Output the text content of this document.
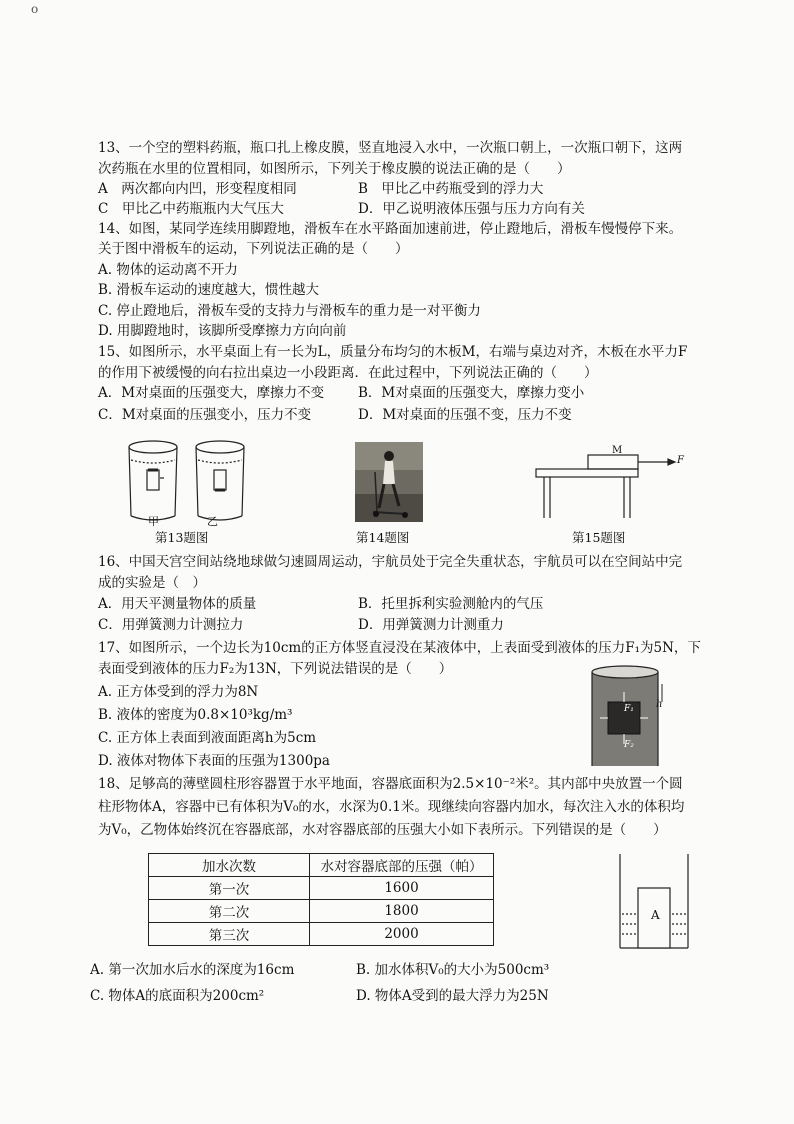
o
13、一个空的塑料药瓶，瓶口扎上橡皮膜，竖直地浸入水中，一次瓶口朝上，一次瓶口朝下，这两
次药瓶在水里的位置相同，如图所示，下列关于橡皮膜的说法正确的是（　　）
A　两次都向内凹，形变程度相同	B　甲比乙中药瓶受到的浮力大
C　甲比乙中药瓶瓶内大气压大	D．甲乙说明液体压强与压力方向有关
14、如图，某同学连续用脚蹬地，滑板车在水平路面加速前进，停止蹬地后，滑板车慢慢停下来。
关于图中滑板车的运动，下列说法正确的是（　　）
A. 物体的运动离不开力
B. 滑板车运动的速度越大，惯性越大
C. 停止蹬地后，滑板车受的支持力与滑板车的重力是一对平衡力
D. 用脚蹬地时，该脚所受摩擦力方向向前
15、如图所示，水平桌面上有一长为L，质量分布均匀的木板M，右端与桌边对齐，木板在水平力F
的作用下被缓慢的向右拉出桌边一小段距离．在此过程中，下列说法正确的（　　）
A．M对桌面的压强变大，摩擦力不变	B．M对桌面的压强变大，摩擦力变小
C．M对桌面的压强变小，压力不变	D．M对桌面的压强不变，压力不变
甲	乙
第13题图	第14题图
M
F
第15题图
16、中国天宫空间站绕地球做匀速圆周运动，宇航员处于完全失重状态，宇航员可以在空间站中完
成的实验是（　）
A．用天平测量物体的质量	B．托里拆利实验测舱内的气压
C．用弹簧测力计测拉力	D．用弹簧测力计测重力
17、如图所示，一个边长为10cm的正方体竖直浸没在某液体中，上表面受到液体的压力F₁为5N，下
表面受到液体的压力F₂为13N，下列说法错误的是（　　）
A. 正方体受到的浮力为8N
B. 液体的密度为0.8×10³kg/m³
C. 正方体上表面到液面距离h为5cm
D. 液体对物体下表面的压强为1300pa
h
F₁
F₂
18、足够高的薄壁圆柱形容器置于水平地面，容器底面积为2.5×10⁻²米²。其内部中央放置一个圆
柱形物体A，容器中已有体积为V₀的水，水深为0.1米。现继续向容器内加水，每次注入水的体积均
为V₀，乙物体始终沉在容器底部，水对容器底部的压强大小如下表所示。下列错误的是（　　）
加水次数	水对容器底部的压强（帕）
第一次	1600
第二次	1800
第三次	2000
A
A. 第一次加水后水的深度为16cm	B. 加水体积V₀的大小为500cm³
C. 物体A的底面积为200cm²	D. 物体A受到的最大浮力为25N
